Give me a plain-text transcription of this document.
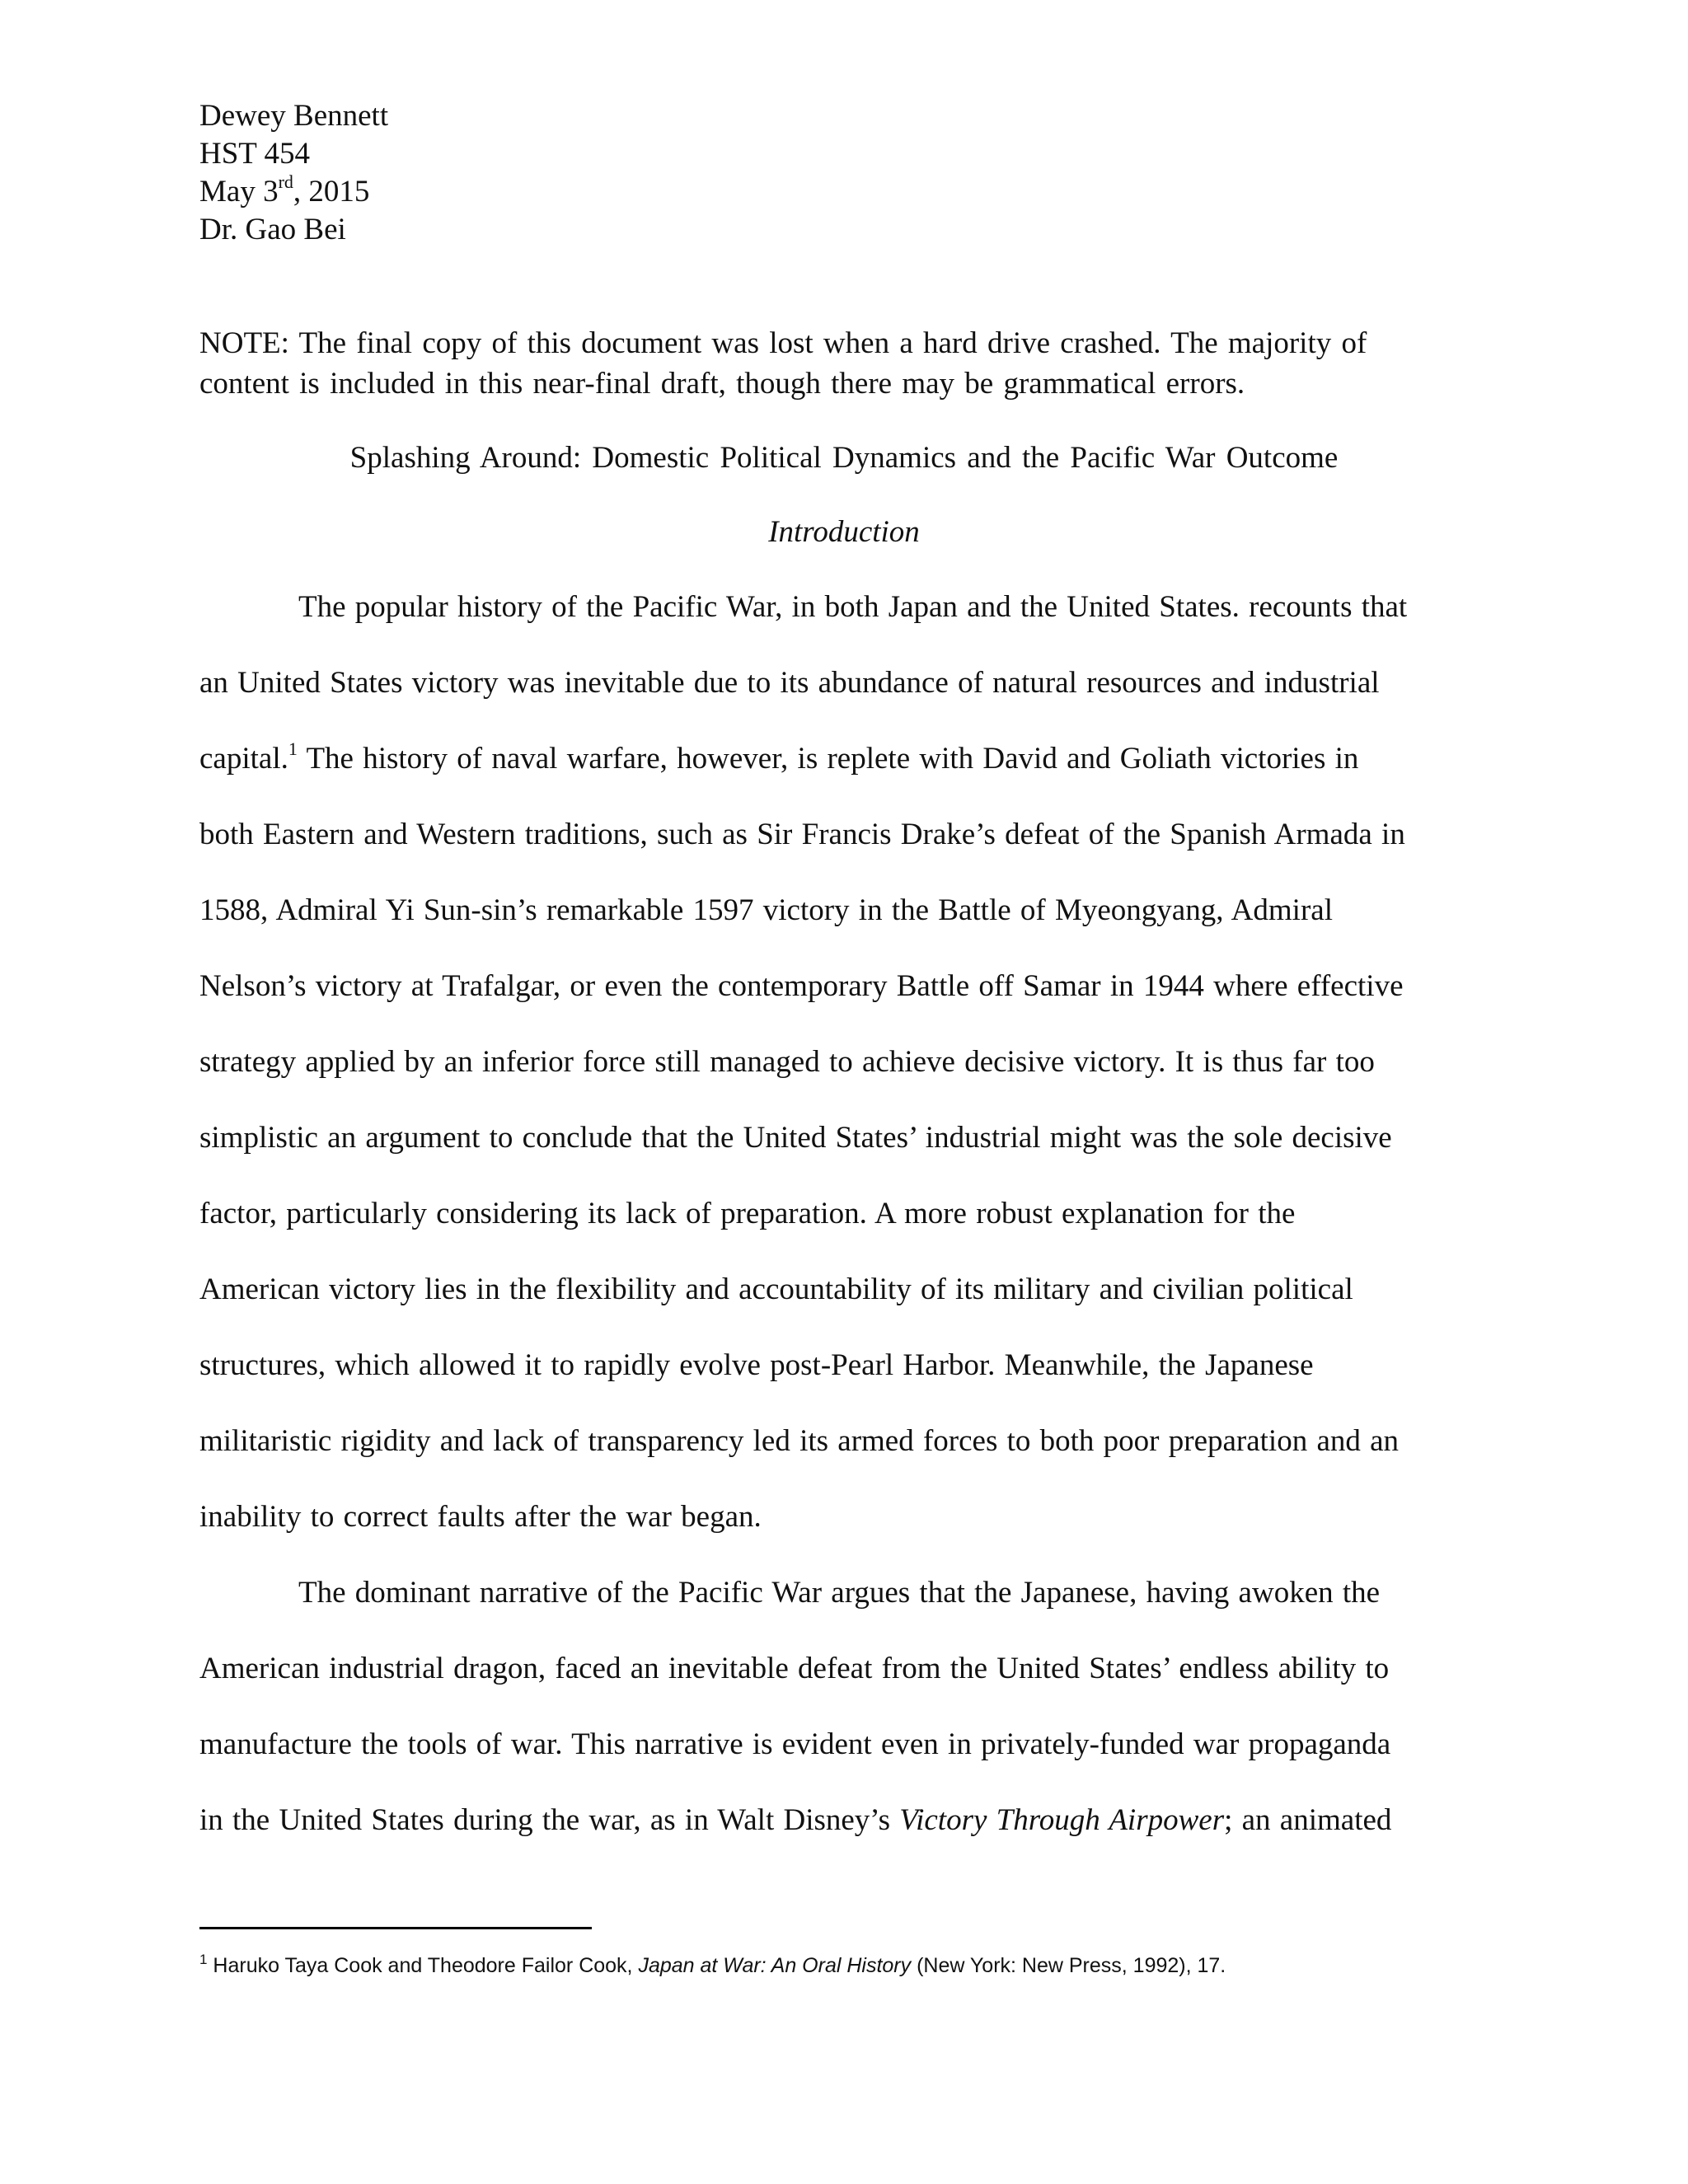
Dewey Bennett
HST 454
May 3rd, 2015
Dr. Gao Bei
NOTE: The final copy of this document was lost when a hard drive crashed. The majority of
content is included in this near-final draft, though there may be grammatical errors.
Splashing Around: Domestic Political Dynamics and the Pacific War Outcome
Introduction
The popular history of the Pacific War, in both Japan and the United States. recounts that
an United States victory was inevitable due to its abundance of natural resources and industrial
capital.$^1$ The history of naval warfare, however, is replete with David and Goliath victories in
both Eastern and Western traditions, such as Sir Francis Drake’s defeat of the Spanish Armada in
1588, Admiral Yi Sun-sin’s remarkable 1597 victory in the Battle of Myeongyang, Admiral
Nelson’s victory at Trafalgar, or even the contemporary Battle off Samar in 1944 where effective
strategy applied by an inferior force still managed to achieve decisive victory. It is thus far too
simplistic an argument to conclude that the United States’ industrial might was the sole decisive
factor, particularly considering its lack of preparation. A more robust explanation for the
American victory lies in the flexibility and accountability of its military and civilian political
structures, which allowed it to rapidly evolve post-Pearl Harbor. Meanwhile, the Japanese
militaristic rigidity and lack of transparency led its armed forces to both poor preparation and an
inability to correct faults after the war began.
The dominant narrative of the Pacific War argues that the Japanese, having awoken the
American industrial dragon, faced an inevitable defeat from the United States’ endless ability to
manufacture the tools of war. This narrative is evident even in privately-funded war propaganda
in the United States during the war, as in Walt Disney’s Victory Through Airpower; an animated
$^1$ Haruko Taya Cook and Theodore Failor Cook, Japan at War: An Oral History (New York: New Press, 1992), 17.
